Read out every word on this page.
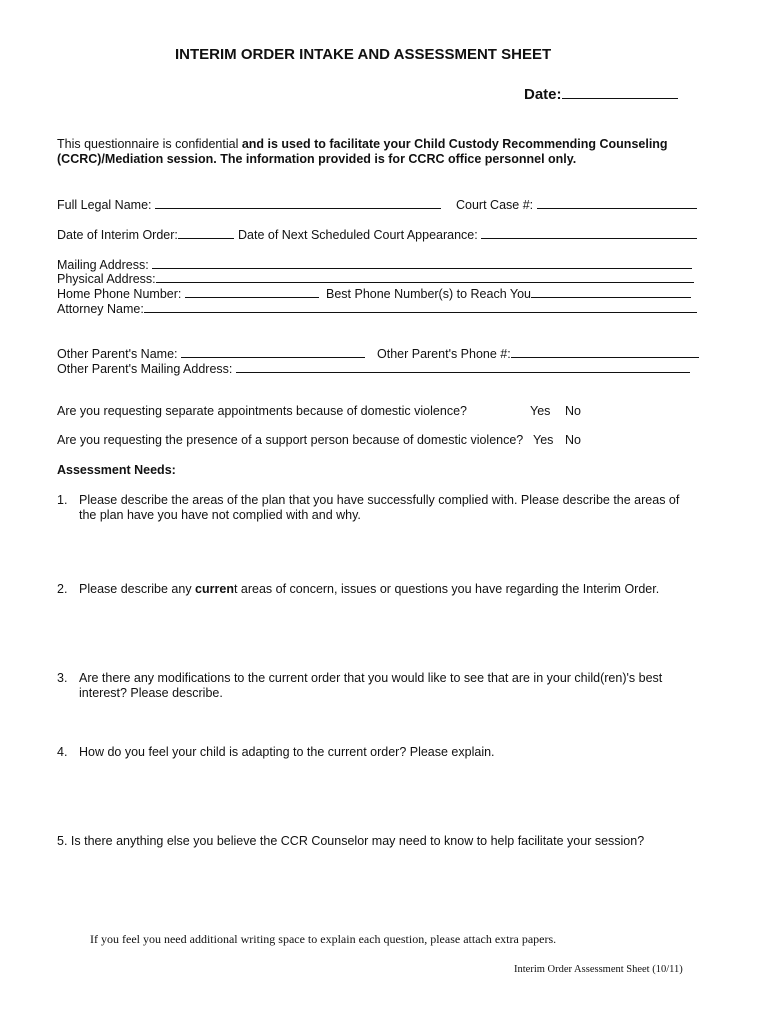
INTERIM ORDER INTAKE AND ASSESSMENT SHEET
Date:
This questionnaire is confidential and is used to facilitate your Child Custody Recommending Counseling
(CCRC)/Mediation session. The information provided is for CCRC office personnel only.
Full Legal Name:	Court Case #:
Date of Interim Order:	Date of Next Scheduled Court Appearance:
Mailing Address:
Physical Address:
Home Phone Number:	Best Phone Number(s) to Reach You
Attorney Name:
Other Parent's Name:	Other Parent's Phone #:
Other Parent's Mailing Address:
Are you requesting separate appointments because of domestic violence?	Yes No
Are you requesting the presence of a support person because of domestic violence? Yes No
Assessment Needs:
1. Please describe the areas of the plan that you have successfully complied with. Please describe the areas of
the plan have you have not complied with and why.
2. Please describe any current areas of concern, issues or questions you have regarding the Interim Order.
3. Are there any modifications to the current order that you would like to see that are in your child(ren)'s best
interest? Please describe.
4. How do you feel your child is adapting to the current order? Please explain.
5. Is there anything else you believe the CCR Counselor may need to know to help facilitate your session?
If you feel you need additional writing space to explain each question, please attach extra papers.
Interim Order Assessment Sheet (10/11)
